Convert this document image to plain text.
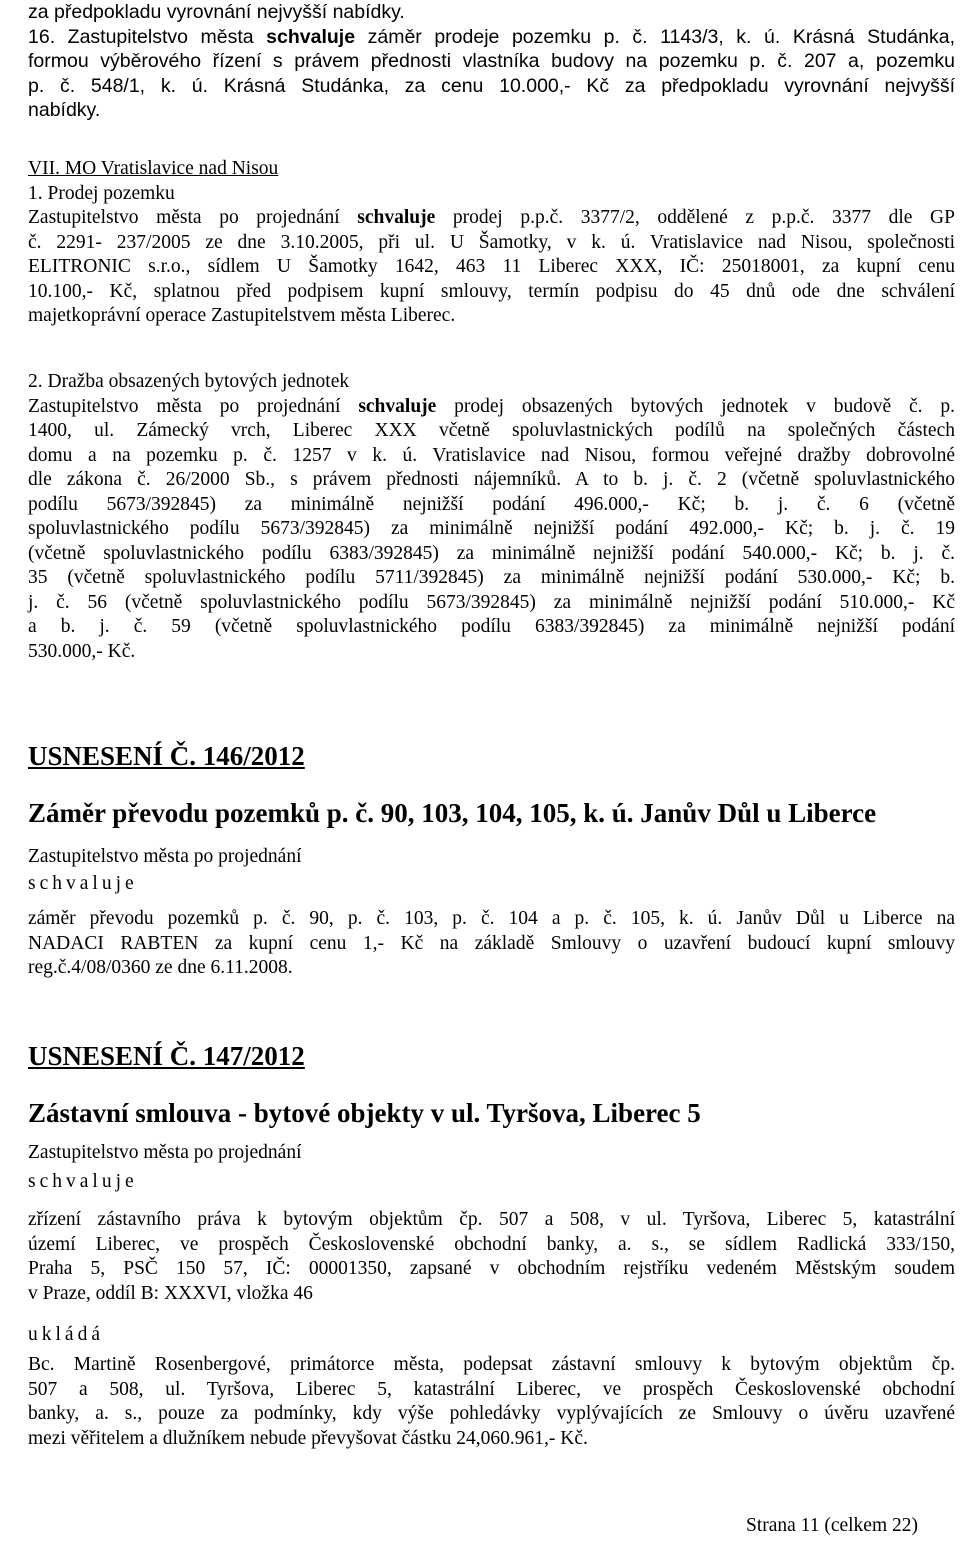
za předpokladu vyrovnání nejvyšší nabídky.
16. Zastupitelstvo města schvaluje záměr prodeje pozemku p. č. 1143/3, k. ú. Krásná Studánka,
formou výběrového řízení s právem přednosti vlastníka budovy na pozemku p. č. 207 a, pozemku
p. č. 548/1, k. ú. Krásná Studánka, za cenu 10.000,- Kč za předpokladu vyrovnání nejvyšší
nabídky.
VII. MO Vratislavice nad Nisou
1. Prodej pozemku
Zastupitelstvo města po projednání schvaluje prodej p.p.č. 3377/2, oddělené z p.p.č. 3377 dle GP
č. 2291- 237/2005 ze dne 3.10.2005, při ul. U Šamotky, v k. ú. Vratislavice nad Nisou, společnosti
ELITRONIC s.r.o., sídlem U Šamotky 1642, 463 11 Liberec XXX, IČ: 25018001, za kupní cenu
10.100,- Kč, splatnou před podpisem kupní smlouvy, termín podpisu do 45 dnů ode dne schválení
majetkoprávní operace Zastupitelstvem města Liberec.
2. Dražba obsazených bytových jednotek
Zastupitelstvo města po projednání schvaluje prodej obsazených bytových jednotek v budově č. p.
1400, ul. Zámecký vrch, Liberec XXX včetně spoluvlastnických podílů na společných částech
domu a na pozemku p. č. 1257 v k. ú. Vratislavice nad Nisou, formou veřejné dražby dobrovolné
dle zákona č. 26/2000 Sb., s právem přednosti nájemníků. A to b. j. č. 2 (včetně spoluvlastnického
podílu 5673/392845) za minimálně nejnižší podání 496.000,- Kč; b. j. č. 6 (včetně
spoluvlastnického podílu 5673/392845) za minimálně nejnižší podání 492.000,- Kč; b. j. č. 19
(včetně spoluvlastnického podílu 6383/392845) za minimálně nejnižší podání 540.000,- Kč; b. j. č.
35 (včetně spoluvlastnického podílu 5711/392845) za minimálně nejnižší podání 530.000,- Kč; b.
j. č. 56 (včetně spoluvlastnického podílu 5673/392845) za minimálně nejnižší podání 510.000,- Kč
a b. j. č. 59 (včetně spoluvlastnického podílu 6383/392845) za minimálně nejnižší podání
530.000,- Kč.
USNESENÍ Č. 146/2012
Záměr převodu pozemků p. č. 90, 103, 104, 105, k. ú. Janův Důl u Liberce
Zastupitelstvo města po projednání
schvaluje
záměr převodu pozemků p. č. 90, p. č. 103, p. č. 104 a p. č. 105, k. ú. Janův Důl u Liberce na
NADACI RABTEN za kupní cenu 1,- Kč na základě Smlouvy o uzavření budoucí kupní smlouvy
reg.č.4/08/0360 ze dne 6.11.2008.
USNESENÍ Č. 147/2012
Zástavní smlouva - bytové objekty v ul. Tyršova, Liberec 5
Zastupitelstvo města po projednání
schvaluje
zřízení zástavního práva k bytovým objektům čp. 507 a 508, v ul. Tyršova, Liberec 5, katastrální
území Liberec, ve prospěch Československé obchodní banky, a. s., se sídlem Radlická 333/150,
Praha 5, PSČ 150 57, IČ: 00001350, zapsané v obchodním rejstříku vedeném Městským soudem
v Praze, oddíl B: XXXVI, vložka 46
ukládá
Bc. Martině Rosenbergové, primátorce města, podepsat zástavní smlouvy k bytovým objektům čp.
507 a 508, ul. Tyršova, Liberec 5, katastrální Liberec, ve prospěch Československé obchodní
banky, a. s., pouze za podmínky, kdy výše pohledávky vyplývajících ze Smlouvy o úvěru uzavřené
mezi věřitelem a dlužníkem nebude převyšovat částku 24,060.961,- Kč.
Strana 11 (celkem 22)
